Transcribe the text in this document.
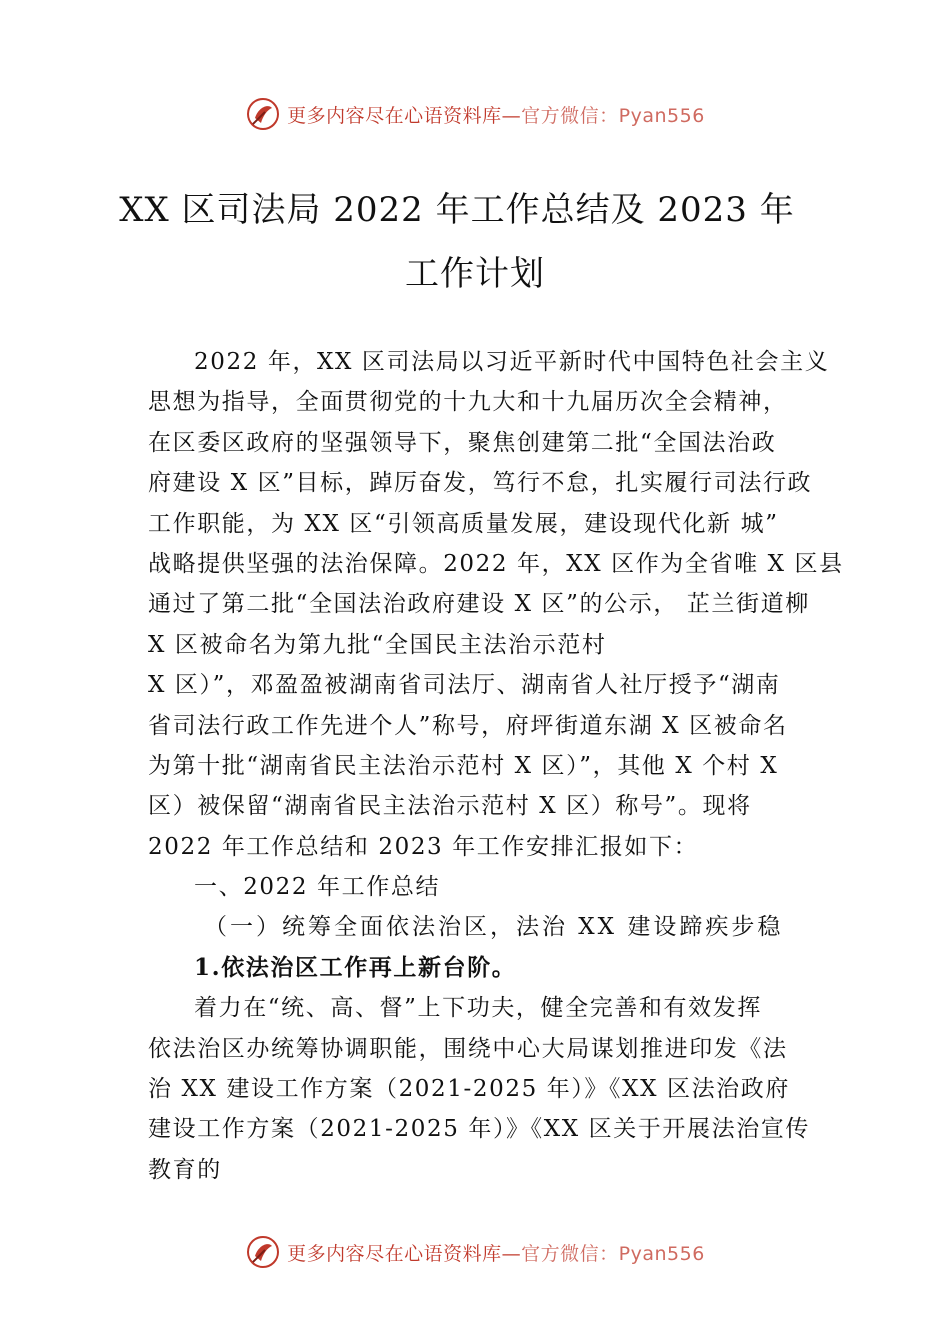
更多内容尽在心语资料库—官方微信：Pyan556
XX 区司法局 2022 年工作总结及 2023 年
工作计划
2022 年，XX 区司法局以习近平新时代中国特色社会主义
思想为指导，全面贯彻党的十九大和十九届历次全会精神，
在区委区政府的坚强领导下，聚焦创建第二批“全国法治政
府建设 X 区”目标，踔厉奋发，笃行不怠，扎实履行司法行政
工作职能，为 XX 区“引领高质量发展，建设现代化新 城”
战略提供坚强的法治保障。2022 年，XX 区作为全省唯 X 区县
通过了第二批“全国法治政府建设 X 区”的公示， 芷兰街道柳
X 区被命名为第九批“全国民主法治示范村
X 区）”，邓盈盈被湖南省司法厅、湖南省人社厅授予“湖南
省司法行政工作先进个人”称号，府坪街道东湖 X 区被命名
为第十批“湖南省民主法治示范村 X 区）”，其他 X 个村 X
区）被保留“湖南省民主法治示范村 X 区）称号”。现将
2022 年工作总结和 2023 年工作安排汇报如下：
一、2022 年工作总结
（一）统筹全面依法治区，法治 XX 建设蹄疾步稳
1.依法治区工作再上新台阶。
着力在“统、高、督”上下功夫，健全完善和有效发挥
依法治区办统筹协调职能，围绕中心大局谋划推进印发《法
治 XX 建设工作方案（2021-2025 年）》《XX 区法治政府
建设工作方案（2021-2025 年）》《XX 区关于开展法治宣传
教育的
更多内容尽在心语资料库—官方微信：Pyan556
